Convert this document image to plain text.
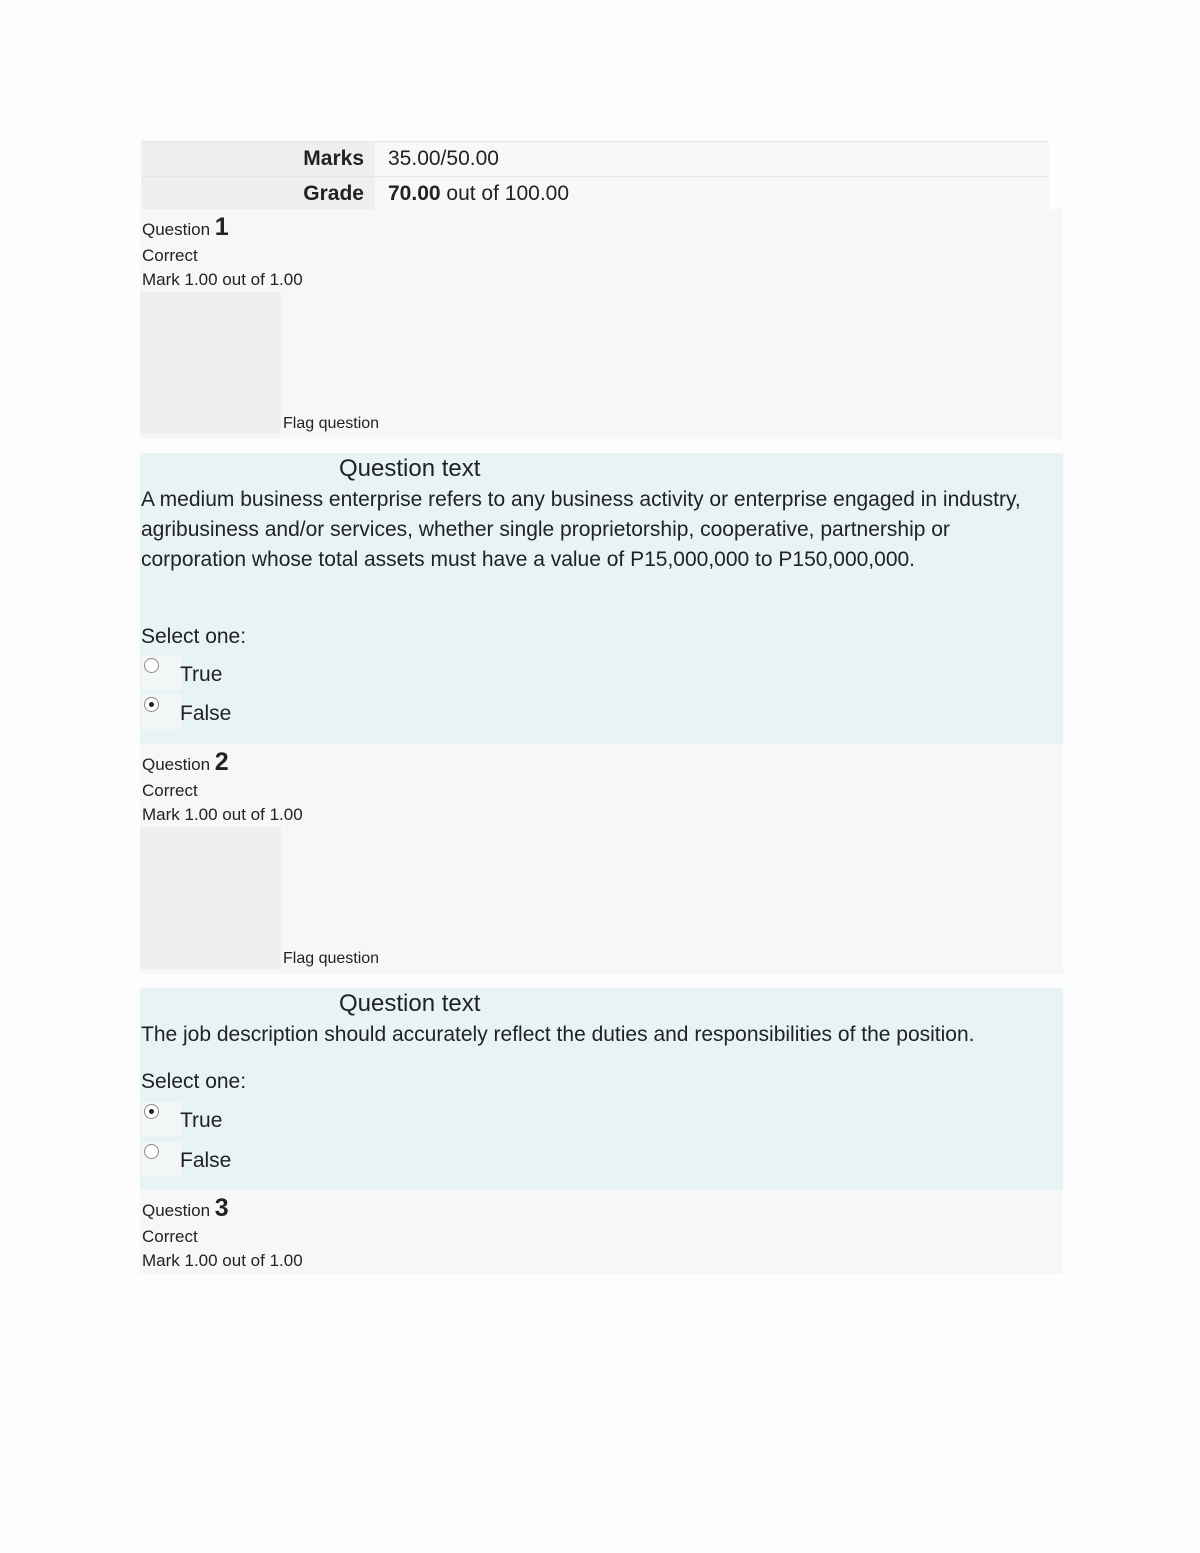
Marks	35.00/50.00
Grade	70.00 out of 100.00
Question 1
Correct
Mark 1.00 out of 1.00
Flag question
Question text
A medium business enterprise refers to any business activity or enterprise engaged in industry, agribusiness and/or services, whether single proprietorship, cooperative, partnership or corporation whose total assets must have a value of P15,000,000 to P150,000,000.
Select one:
True
False
Question 2
Correct
Mark 1.00 out of 1.00
Flag question
Question text
The job description should accurately reflect the duties and responsibilities of the position.
Select one:
True
False
Question 3
Correct
Mark 1.00 out of 1.00
